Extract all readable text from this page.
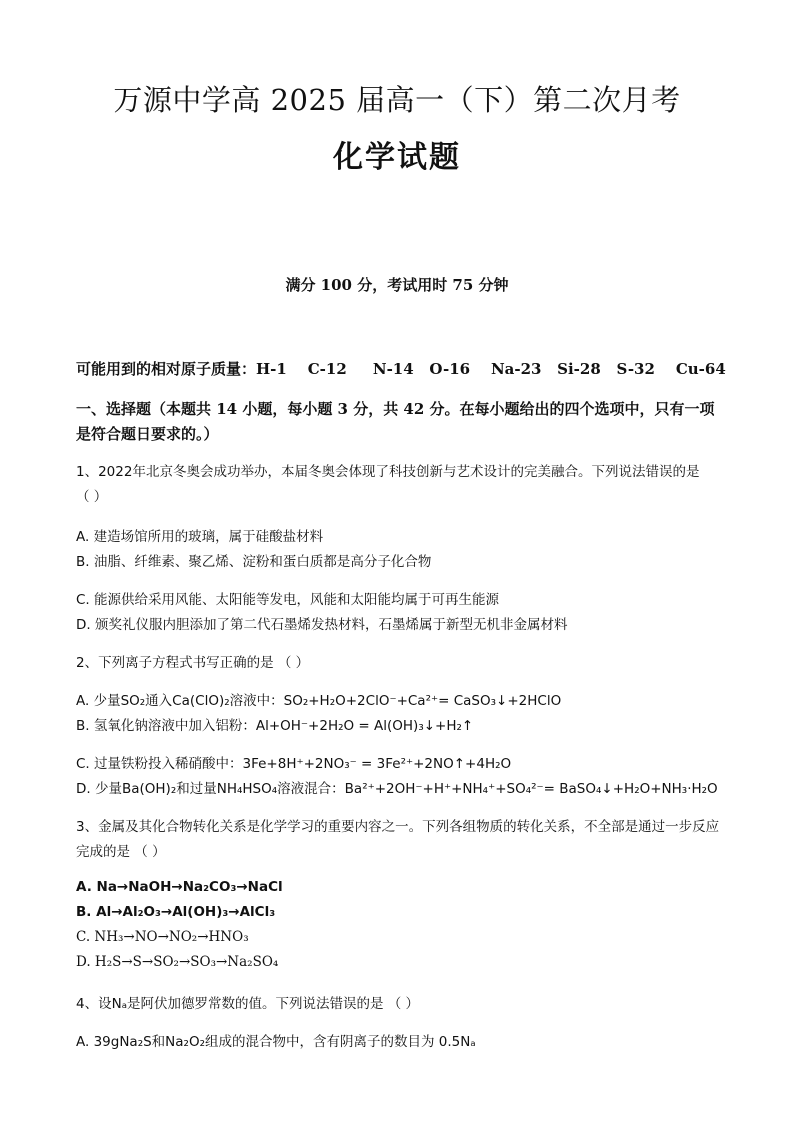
万源中学高 2025 届高一（下）第二次月考
化学试题
满分 100 分，考试用时 75 分钟
可能用到的相对原子质量：H-1    C-12     N-14   O-16    Na-23   Si-28   S-32    Cu-64
一、选择题（本题共 14 小题，每小题 3 分，共 42 分。在每小题给出的四个选项中，只有一项是符合题日要求的。）
1、2022年北京冬奥会成功举办，本届冬奥会体现了科技创新与艺术设计的完美融合。下列说法错误的是
（ ）
A. 建造场馆所用的玻璃，属于硅酸盐材料
B. 油脂、纤维素、聚乙烯、淀粉和蛋白质都是高分子化合物
C. 能源供给采用风能、太阳能等发电，风能和太阳能均属于可再生能源
D. 颁奖礼仪服内胆添加了第二代石墨烯发热材料，石墨烯属于新型无机非金属材料
2、下列离子方程式书写正确的是 （ ）
A. 少量SO₂通入Ca(ClO)₂溶液中：SO₂+H₂O+2ClO⁻+Ca²⁺= CaSO₃↓+2HClO
B. 氢氧化钠溶液中加入铝粉：Al+OH⁻+2H₂O = Al(OH)₃↓+H₂↑
C. 过量铁粉投入稀硝酸中：3Fe+8H⁺+2NO₃⁻ = 3Fe²⁺+2NO↑+4H₂O
D. 少量Ba(OH)₂和过量NH₄HSO₄溶液混合：Ba²⁺+2OH⁻+H⁺+NH₄⁺+SO₄²⁻= BaSO₄↓+H₂O+NH₃·H₂O
3、金属及其化合物转化关系是化学学习的重要内容之一。下列各组物质的转化关系，不全部是通过一步反应
完成的是 （ ）
A. Na→NaOH→Na₂CO₃→NaCl
B. Al→Al₂O₃→Al(OH)₃→AlCl₃
C. NH₃→NO→NO₂→HNO₃
D. H₂S→S→SO₂→SO₃→Na₂SO₄
4、设Nₐ是阿伏加德罗常数的值。下列说法错误的是 （ ）
A. 39gNa₂S和Na₂O₂组成的混合物中，含有阴离子的数目为 0.5Nₐ
